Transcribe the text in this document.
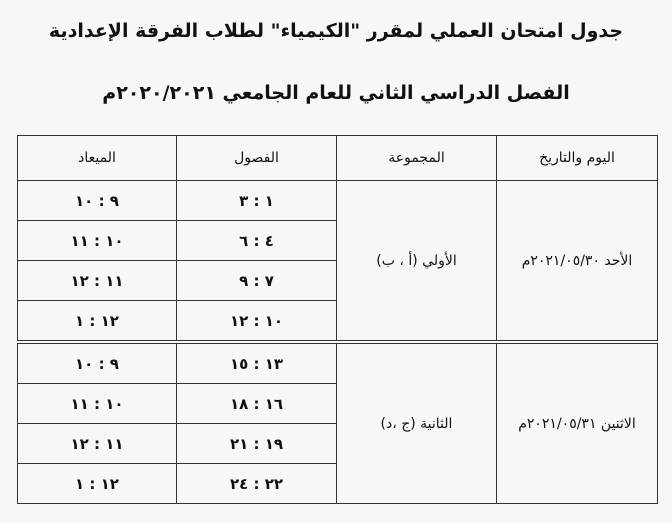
جدول امتحان العملي لمقرر "الكيمياء" لطلاب الفرقة الإعدادية
الفصل الدراسي الثاني للعام الجامعي ٢٠٢٠/٢٠٢١م
اليوم والتاريخ	المجموعة	الفصول	الميعاد
الأحد ٢٠٢١/٠٥/٣٠م	الأولي (أ ، ب)	١ : ٣	٩ : ١٠
		٤ : ٦	١٠ : ١١
		٧ : ٩	١١ : ١٢
		١٠ : ١٢	١٢ : ١
الاثنين ٢٠٢١/٠٥/٣١م	الثانية (ج ،د)	١٣ : ١٥	٩ : ١٠
		١٦ : ١٨	١٠ : ١١
		١٩ : ٢١	١١ : ١٢
		٢٢ : ٢٤	١٢ : ١
